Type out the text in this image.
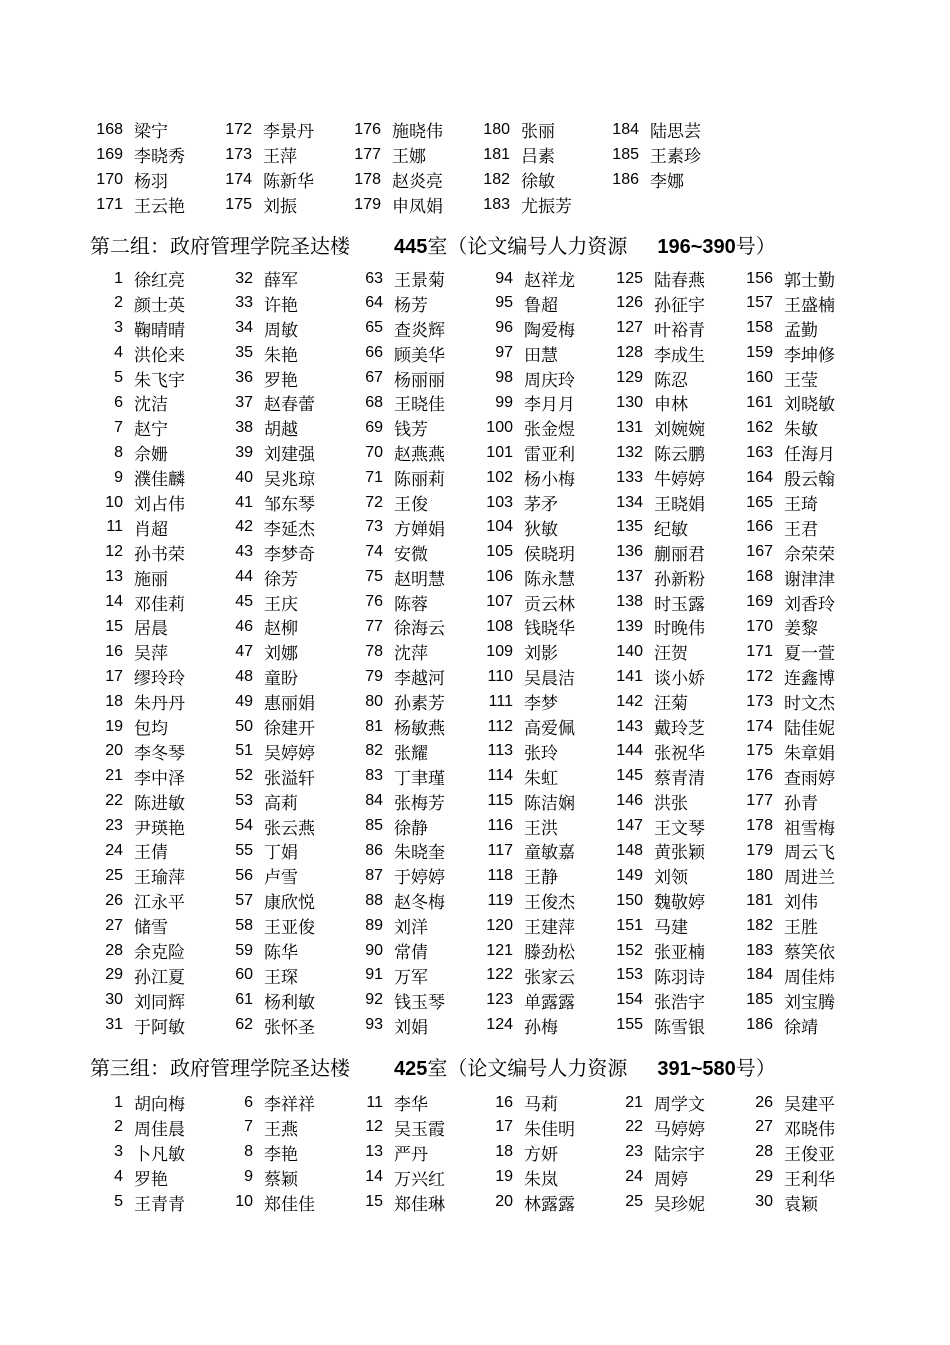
168 梁宁
169 李晓秀
170 杨羽
171 王云艳
172 李景丹
173 王萍
174 陈新华
175 刘振
176 施晓伟
177 王娜
178 赵炎亮
179 申凤娟
180 张丽
181 吕素
182 徐敏
183 尤振芳
184 陆思芸
185 王素珍
186 李娜
第二组：政府管理学院圣达楼 445室（论文编号人力资源 196~390号）
1 徐红亮
2 颜士英
3 鞠晴晴
4 洪伦来
5 朱飞宇
6 沈洁
7 赵宁
8 佘姗
9 濮佳麟
10 刘占伟
11 肖超
12 孙书荣
13 施丽
14 邓佳莉
15 居晨
16 吴萍
17 缪玲玲
18 朱丹丹
19 包均
20 李冬琴
21 李中泽
22 陈进敏
23 尹瑛艳
24 王倩
25 王瑜萍
26 江永平
27 储雪
28 余克险
29 孙江夏
30 刘同辉
31 于阿敏
32 薛军
33 许艳
34 周敏
35 朱艳
36 罗艳
37 赵春蕾
38 胡越
39 刘建强
40 吴兆琼
41 邹东琴
42 李延杰
43 李梦奇
44 徐芳
45 王庆
46 赵柳
47 刘娜
48 童盼
49 惠丽娟
50 徐建开
51 吴婷婷
52 张溢轩
53 高莉
54 张云燕
55 丁娟
56 卢雪
57 康欣悦
58 王亚俊
59 陈华
60 王琛
61 杨利敏
62 张怀圣
63 王景菊
64 杨芳
65 查炎辉
66 顾美华
67 杨丽丽
68 王晓佳
69 钱芳
70 赵燕燕
71 陈丽莉
72 王俊
73 方婵娟
74 安微
75 赵明慧
76 陈蓉
77 徐海云
78 沈萍
79 李越河
80 孙素芳
81 杨敏燕
82 张耀
83 丁聿瑾
84 张梅芳
85 徐静
86 朱晓奎
87 于婷婷
88 赵冬梅
89 刘洋
90 常倩
91 万军
92 钱玉琴
93 刘娟
94 赵祥龙
95 鲁超
96 陶爱梅
97 田慧
98 周庆玲
99 李月月
100 张金煜
101 雷亚利
102 杨小梅
103 茅矛
104 狄敏
105 侯晓玥
106 陈永慧
107 贡云林
108 钱晓华
109 刘影
110 吴晨洁
111 李梦
112 高爱佩
113 张玲
114 朱虹
115 陈洁娴
116 王洪
117 童敏嘉
118 王静
119 王俊杰
120 王建萍
121 滕劲松
122 张家云
123 单露露
124 孙梅
125 陆春燕
126 孙征宇
127 叶裕青
128 李成生
129 陈忍
130 申林
131 刘婉婉
132 陈云鹏
133 牛婷婷
134 王晓娟
135 纪敏
136 蒯丽君
137 孙新粉
138 时玉露
139 时晚伟
140 汪贺
141 谈小娇
142 汪菊
143 戴玲芝
144 张祝华
145 蔡青清
146 洪张
147 王文琴
148 黄张颖
149 刘领
150 魏敬婷
151 马建
152 张亚楠
153 陈羽诗
154 张浩宇
155 陈雪银
156 郭士勤
157 王盛楠
158 孟勤
159 李坤修
160 王莹
161 刘晓敏
162 朱敏
163 任海月
164 殷云翰
165 王琦
166 王君
167 佘荣荣
168 谢津津
169 刘香玲
170 姜黎
171 夏一萱
172 连鑫博
173 时文杰
174 陆佳妮
175 朱章娟
176 查雨婷
177 孙青
178 祖雪梅
179 周云飞
180 周进兰
181 刘伟
182 王胜
183 蔡笑依
184 周佳炜
185 刘宝腾
186 徐靖
第三组：政府管理学院圣达楼 425室（论文编号人力资源 391~580号）
1 胡向梅
2 周佳晨
3 卜凡敏
4 罗艳
5 王青青
6 李祥祥
7 王燕
8 李艳
9 蔡颖
10 郑佳佳
11 李华
12 吴玉霞
13 严丹
14 万兴红
15 郑佳琳
16 马莉
17 朱佳明
18 方妍
19 朱岚
20 林露露
21 周学文
22 马婷婷
23 陆宗宇
24 周婷
25 吴珍妮
26 吴建平
27 邓晓伟
28 王俊亚
29 王利华
30 袁颖
